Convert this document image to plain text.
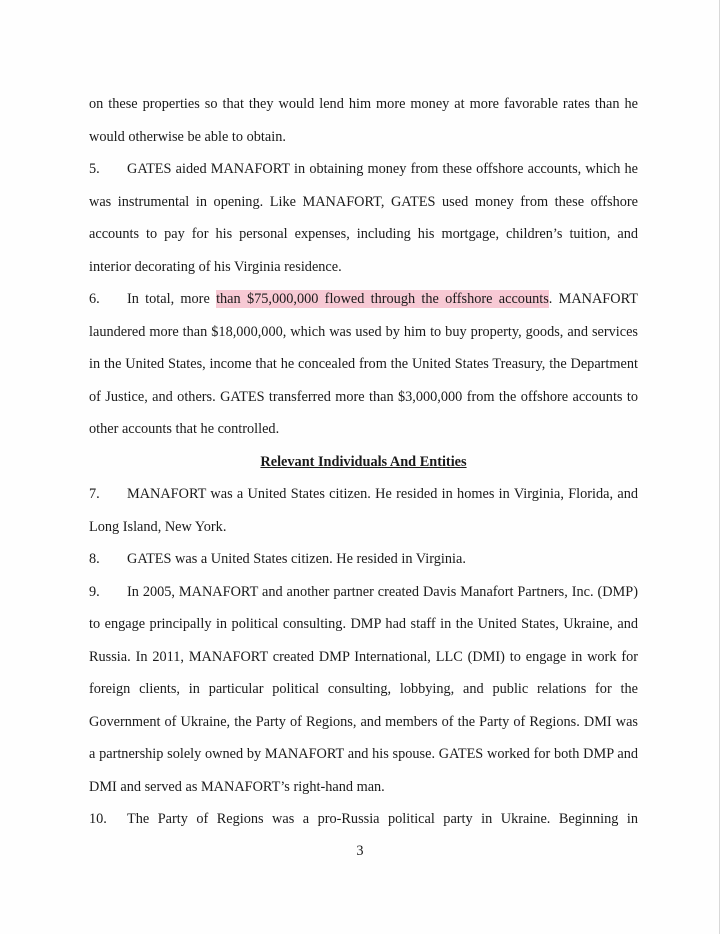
on these properties so that they would lend him more money at more favorable rates than he would otherwise be able to obtain.

5. GATES aided MANAFORT in obtaining money from these offshore accounts, which he was instrumental in opening. Like MANAFORT, GATES used money from these offshore accounts to pay for his personal expenses, including his mortgage, children’s tuition, and interior decorating of his Virginia residence.

6. In total, more than $75,000,000 flowed through the offshore accounts. MANAFORT laundered more than $18,000,000, which was used by him to buy property, goods, and services in the United States, income that he concealed from the United States Treasury, the Department of Justice, and others. GATES transferred more than $3,000,000 from the offshore accounts to other accounts that he controlled.

Relevant Individuals And Entities

7. MANAFORT was a United States citizen. He resided in homes in Virginia, Florida, and Long Island, New York.

8. GATES was a United States citizen. He resided in Virginia.

9. In 2005, MANAFORT and another partner created Davis Manafort Partners, Inc. (DMP) to engage principally in political consulting. DMP had staff in the United States, Ukraine, and Russia. In 2011, MANAFORT created DMP International, LLC (DMI) to engage in work for foreign clients, in particular political consulting, lobbying, and public relations for the Government of Ukraine, the Party of Regions, and members of the Party of Regions. DMI was a partnership solely owned by MANAFORT and his spouse. GATES worked for both DMP and DMI and served as MANAFORT’s right-hand man.

10. The Party of Regions was a pro-Russia political party in Ukraine. Beginning in

3
